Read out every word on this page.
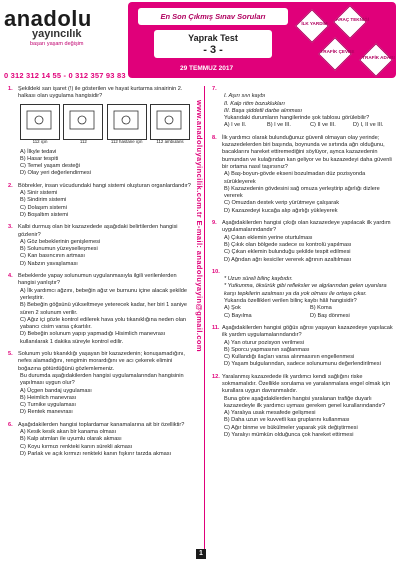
anadolu
yayıncılık
başarı yaşam değişim
0 312 312 14 55 - 0 312 357 93 83
En Son Çıkmış Sınav Soruları
Yaprak Test
- 3 -
29 TEMMUZ 2017
İLK YARDIM
ARAÇ TEKNİĞİ
TRAFİK ÇEVRE
TRAFİK ADABI
1. Şekildeki sarı işaret (!) ile gösterilen ve hayat kurtarma sinairinin 2. halkası olan uygulama hangisidir?
112 için	112	112 hastane için	112 ambulans
A) İlkyle tedavi
B) Hasar tespiti
C) Temel yaşam desteği
D) Olay yeri değerlendirmesi
2. Böbrekler, insan vücudundaki hangi sistemi oluşturan organlardandır?
A) Sinir sistemi
B) Sindirim sistemi
C) Dolaşım sistemi
D) Boşaltım sistemi
3. Kalbi durmuş olan bir kazazedede aşağıdaki belirtilerden hangisi gözlenir?
A) Göz bebeklerinin genişlemesi
B) Solunumun yüzeyselleşmesi
C) Kan basıncının artması
D) Nabzın yavaşlaması
4. Bebeklerde yapay solunumun uygulanmasıyla ilgili verilenlerden hangisi yanlıştır?
A) İlk yardımcı ağzını, bebeğin ağız ve burnunu içine alacak şekilde yerleştirir.
B) Bebeğin göğsünü yükseltmeye yeterecek kadar, her biri 1 saniye süren 2 solunum verilir.
C) Ağız içi gözle kontrol edilerek hava yolu tıkanıklığına neden olan yabancı cisim varsa çıkartılır.
D) Bebeğin solunum yapıp yapmadığı Hisimlich manevrası kullanılarak 1 dakika süreyle kontrol edilir.
5. Solunum yolu tıkanıklığı yaşayan bir kazazedenin; konuşamadığını, nefes alamadığını, rengimin morardığını ve acı çekerek elimini boğazına götürdüğünü gözlemlemeniz.
Bu durumda aşağıdakilerden hangisi uygulamalarından hangisinin yapılması uygun olur?
A) Üçgen bandaj uygulaması
B) Heimlich manevrası
C) Turnike uygulaması
D) Rentek manevrası
6. Aşağıdakilerden hangisi toplardamar kanamalarına ait bir özelliktir?
A) Kesik kesik akan bir kanama olması
B) Kalp atımları ile uyumlu olarak akması
C) Koyu kırmızı renkteki kanın sürekli akması
D) Parlak ve açık kırmızı renkteki kanın fışkırır tarzda akması
www.anadoluyayincilik.com.tr E-mail: anadoluyayin@gmail.com
7.
I. Aşırı sıvı kaybı
II. Kalp ritim bozuklukları
III. Başa şiddetli darbe alınması
Yukarıdaki durumların hangilerinde şok tablosu görülebilir?
A) I ve II.	B) I ve III.	C) II ve III.	D) I, II ve III.
8. İlk yardımcı olarak bulunduğunuz güvenli olmayan olay yerinde; kazazedelerden biri başında, boynunda ve sırtında ağrı olduğunu, bacaklarını hareket ettiremediğini söylüyor, aynca kazazedenin burnundan ve kulağından kan geliyor ve bu kazazedeyi daha güvenli bir ortama nasıl taşırsınız?
A) Baş-boyun-gövde ekseni bozulmadan düz pozisyonda sürükleyerek
B) Kazazedenin gövdesini sağ omuza yerleştirip ağırlığı dizlere vererek
C) Omuzdan destek verip yürütmeye çalışarak
D) Kazazedeyi kucağa alıp ağırlığı yükleyerek
9. Aşağıdakilerden hangisi çıkığı olan kazazedeye yapılacak ilk yardım uygulamalarındandır?
A) Çıkan eklemin yerine oturtulması
B) Çıkık olan bölgede sadece ısı kontrolü yapılması
C) Çıkan eklemin bulunduğu şekilde tespit edilmesi
D) Ağrıdan ağrı kesiciler vererek ağrının azaltılması
10.
* Uzun süreli bilinç kaybıdır.
* Yutkunma, öksürük gibi refleksler ve algılarından gelen uyarılara karşı tepkilerin azalması ya da yok olması ile ortaya çıkar.
Yukarıda özellikleri verilen bilinç kaybı hâli hangisidir?
A) Şok	B) Koma
C) Bayılma	D) Baş dönmesi
11. Aşağıdakilerden hangisi göğüs ağrısı yaşayan kazazedeye yapılacak ilk yardım uygulamalarındandır?
A) Yan oturur pozisyon verilmesi
B) Sporcu yapmasının sağlanması
C) Kullandığı ilaçları varsa alınmasının engellenmesi
D) Yaşam bulgularından, sadece solunumunu değerlendirilmesi
12. Yaralanmış kazazedede ilk yardımcı kendi sağlığını riske sokmamalıdır. Özellikle sorulama ve yaralanmalara engel olmak için kurallara uygun davranmalıdır.
Buna göre aşağıdakilerden hangisi yaralanan trafiğe duyarlı kazazedeyle ilk yardımcı uyması gereken genel kurallarındandır?
A) Yaralıya usak mesafede gelişmesi
B) Daha uzun ve kuvvetli kas gruplarını kullanması
C) Ağır binme ve bükülmeler yaparak yük değiştirmesi
D) Yaralıyı mümkün olduğunca çok hareket ettirmesi
1
